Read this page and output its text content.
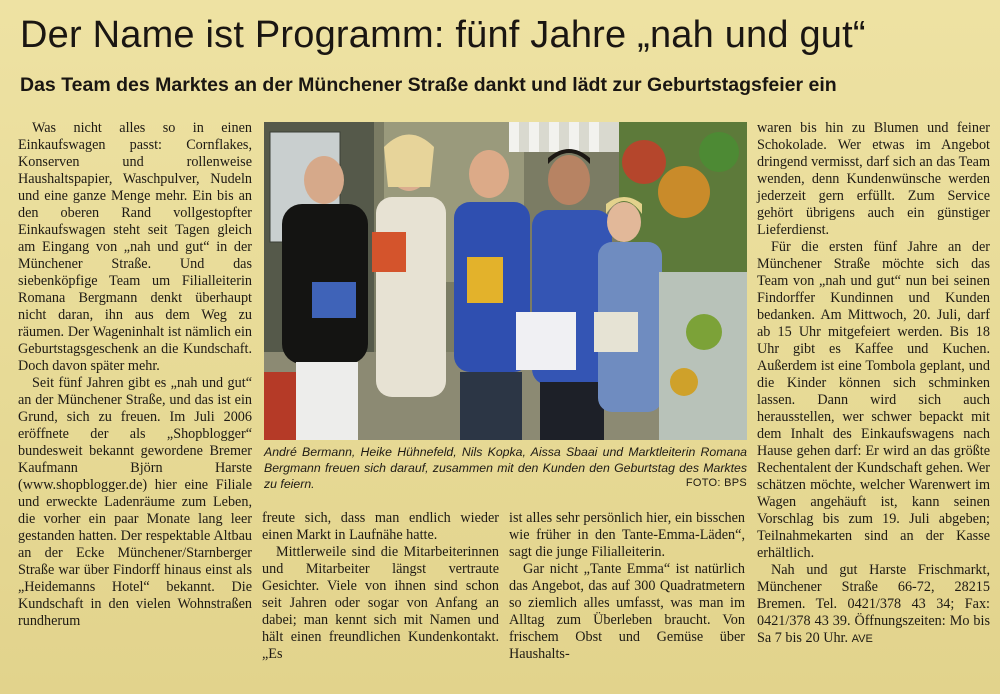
Der Name ist Programm: fünf Jahre „nah und gut“
Das Team des Marktes an der Münchener Straße dankt und lädt zur Geburtstagsfeier ein

Was nicht alles so in einen Einkaufswagen passt: Cornflakes, Konserven und rollenweise Haushaltspapier, Waschpulver, Nudeln und eine ganze Menge mehr. Ein bis an den oberen Rand vollgestopfter Einkaufswagen steht seit Tagen gleich am Eingang von „nah und gut“ in der Münchener Straße. Und das siebenköpfige Team um Filialleiterin Romana Bergmann denkt überhaupt nicht daran, ihn aus dem Weg zu räumen. Der Wageninhalt ist nämlich ein Geburtstagsgeschenk an die Kundschaft. Doch davon später mehr.

Seit fünf Jahren gibt es „nah und gut“ an der Münchener Straße, und das ist ein Grund, sich zu freuen. Im Juli 2006 eröffnete der als „Shopblogger“ bundesweit bekannt gewordene Bremer Kaufmann Björn Harste (www.shopblogger.de) hier eine Filiale und erweckte Ladenräume zum Leben, die vorher ein paar Monate lang leer gestanden hatten. Der respektable Altbau an der Ecke Münchener/Starnberger Straße war über Findorff hinaus einst als „Heidemanns Hotel“ bekannt. Die Kundschaft in den vielen Wohnstraßen rundherum

André Bermann, Heike Hühnefeld, Nils Kopka, Aissa Sbaai und Marktleiterin Romana Bergmann freuen sich darauf, zusammen mit den Kunden den Geburtstag des Marktes zu feiern.	FOTO: BPS

freute sich, dass man endlich wieder einen Markt in Laufnähe hatte.

Mittlerweile sind die Mitarbeiterinnen und Mitarbeiter längst vertraute Gesichter. Viele von ihnen sind schon seit Jahren oder sogar von Anfang an dabei; man kennt sich mit Namen und hält einen freundlichen Kundenkontakt. „Es

ist alles sehr persönlich hier, ein bisschen wie früher in den Tante-Emma-Läden“, sagt die junge Filialleiterin.

Gar nicht „Tante Emma“ ist natürlich das Angebot, das auf 300 Quadratmetern so ziemlich alles umfasst, was man im Alltag zum Überleben braucht. Von frischem Obst und Gemüse über Haushalts-

waren bis hin zu Blumen und feiner Schokolade. Wer etwas im Angebot dringend vermisst, darf sich an das Team wenden, denn Kundenwünsche werden jederzeit gern erfüllt. Zum Service gehört übrigens auch ein günstiger Lieferdienst.

Für die ersten fünf Jahre an der Münchener Straße möchte sich das Team von „nah und gut“ nun bei seinen Findorffer Kundinnen und Kunden bedanken. Am Mittwoch, 20. Juli, darf ab 15 Uhr mitgefeiert werden. Bis 18 Uhr gibt es Kaffee und Kuchen. Außerdem ist eine Tombola geplant, und die Kinder können sich schminken lassen. Dann wird sich auch herausstellen, wer schwer bepackt mit dem Inhalt des Einkaufswagens nach Hause gehen darf: Er wird an das größte Rechentalent der Kundschaft gehen. Wer schätzen möchte, welcher Warenwert im Wagen angehäuft ist, kann seinen Vorschlag bis zum 19. Juli abgeben; Teilnahmekarten sind an der Kasse erhältlich.

Nah und gut Harste Frischmarkt, Münchener Straße 66-72, 28215 Bremen. Tel. 0421/378 43 34; Fax: 0421/378 43 39. Öffnungszeiten: Mo bis Sa 7 bis 20 Uhr. AVE
